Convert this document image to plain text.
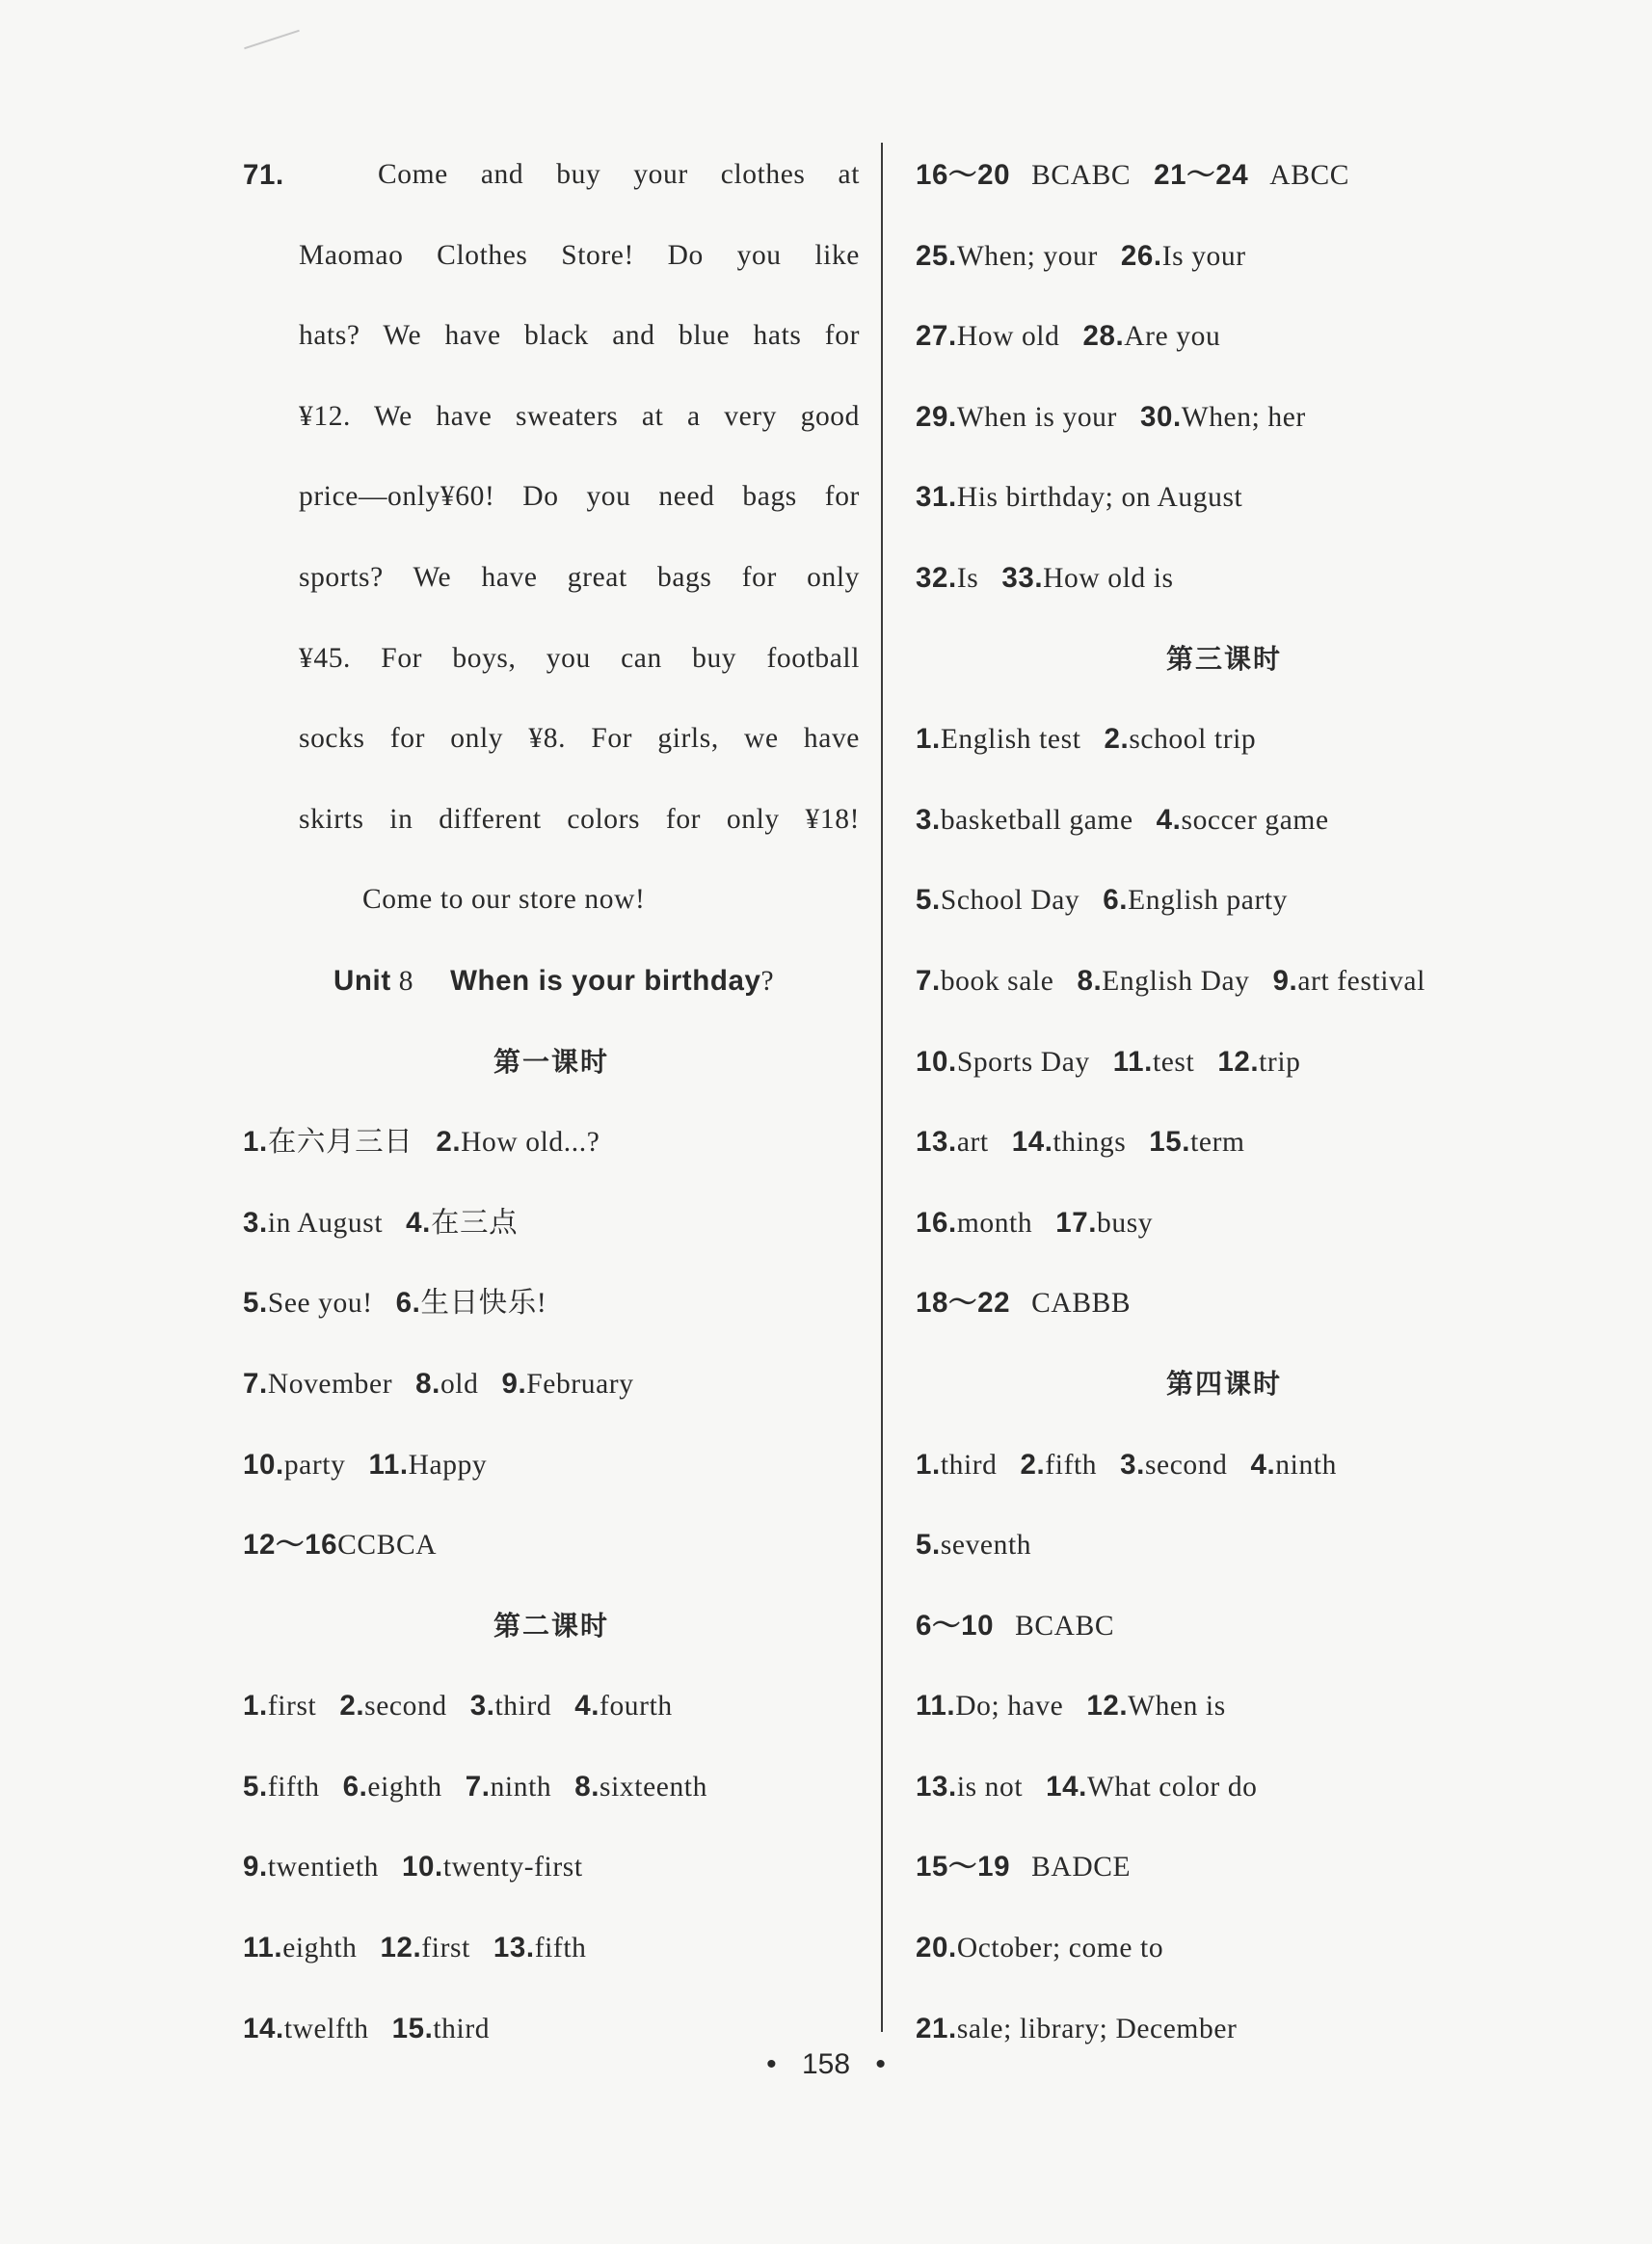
71.	Come and buy your clothes at
Maomao Clothes Store! Do you like
hats? We have black and blue hats for
¥12. We have sweaters at a very good
price—only¥60! Do you need bags for
sports? We have great bags for only
¥45. For boys, you can buy football
socks for only ¥8. For girls, we have
skirts in different colors for only ¥18!
Come to our store now!
Unit 8 When is your birthday?
第一课时
1.在六月三日 2.How old...?
3.in August 4.在三点
5.See you! 6.生日快乐!
7.November 8.old 9.February
10.party 11.Happy
12～16CCBCA
第二课时
1.first 2.second 3.third 4.fourth
5.fifth 6.eighth 7.ninth 8.sixteenth
9.twentieth 10.twenty-first
11.eighth 12.first 13.fifth
14.twelfth 15.third
16～20 BCABC 21～24 ABCC
25.When; your 26.Is your
27.How old 28.Are you
29.When is your 30.When; her
31.His birthday; on August
32.Is 33.How old is
第三课时
1.English test 2.school trip
3.basketball game 4.soccer game
5.School Day 6.English party
7.book sale 8.English Day 9.art festival
10.Sports Day 11.test 12.trip
13.art 14.things 15.term
16.month 17.busy
18～22 CABBB
第四课时
1.third 2.fifth 3.second 4.ninth
5.seventh
6～10 BCABC
11.Do; have 12.When is
13.is not 14.What color do
15～19 BADCE
20.October; come to
21.sale; library; December
• 158 •
